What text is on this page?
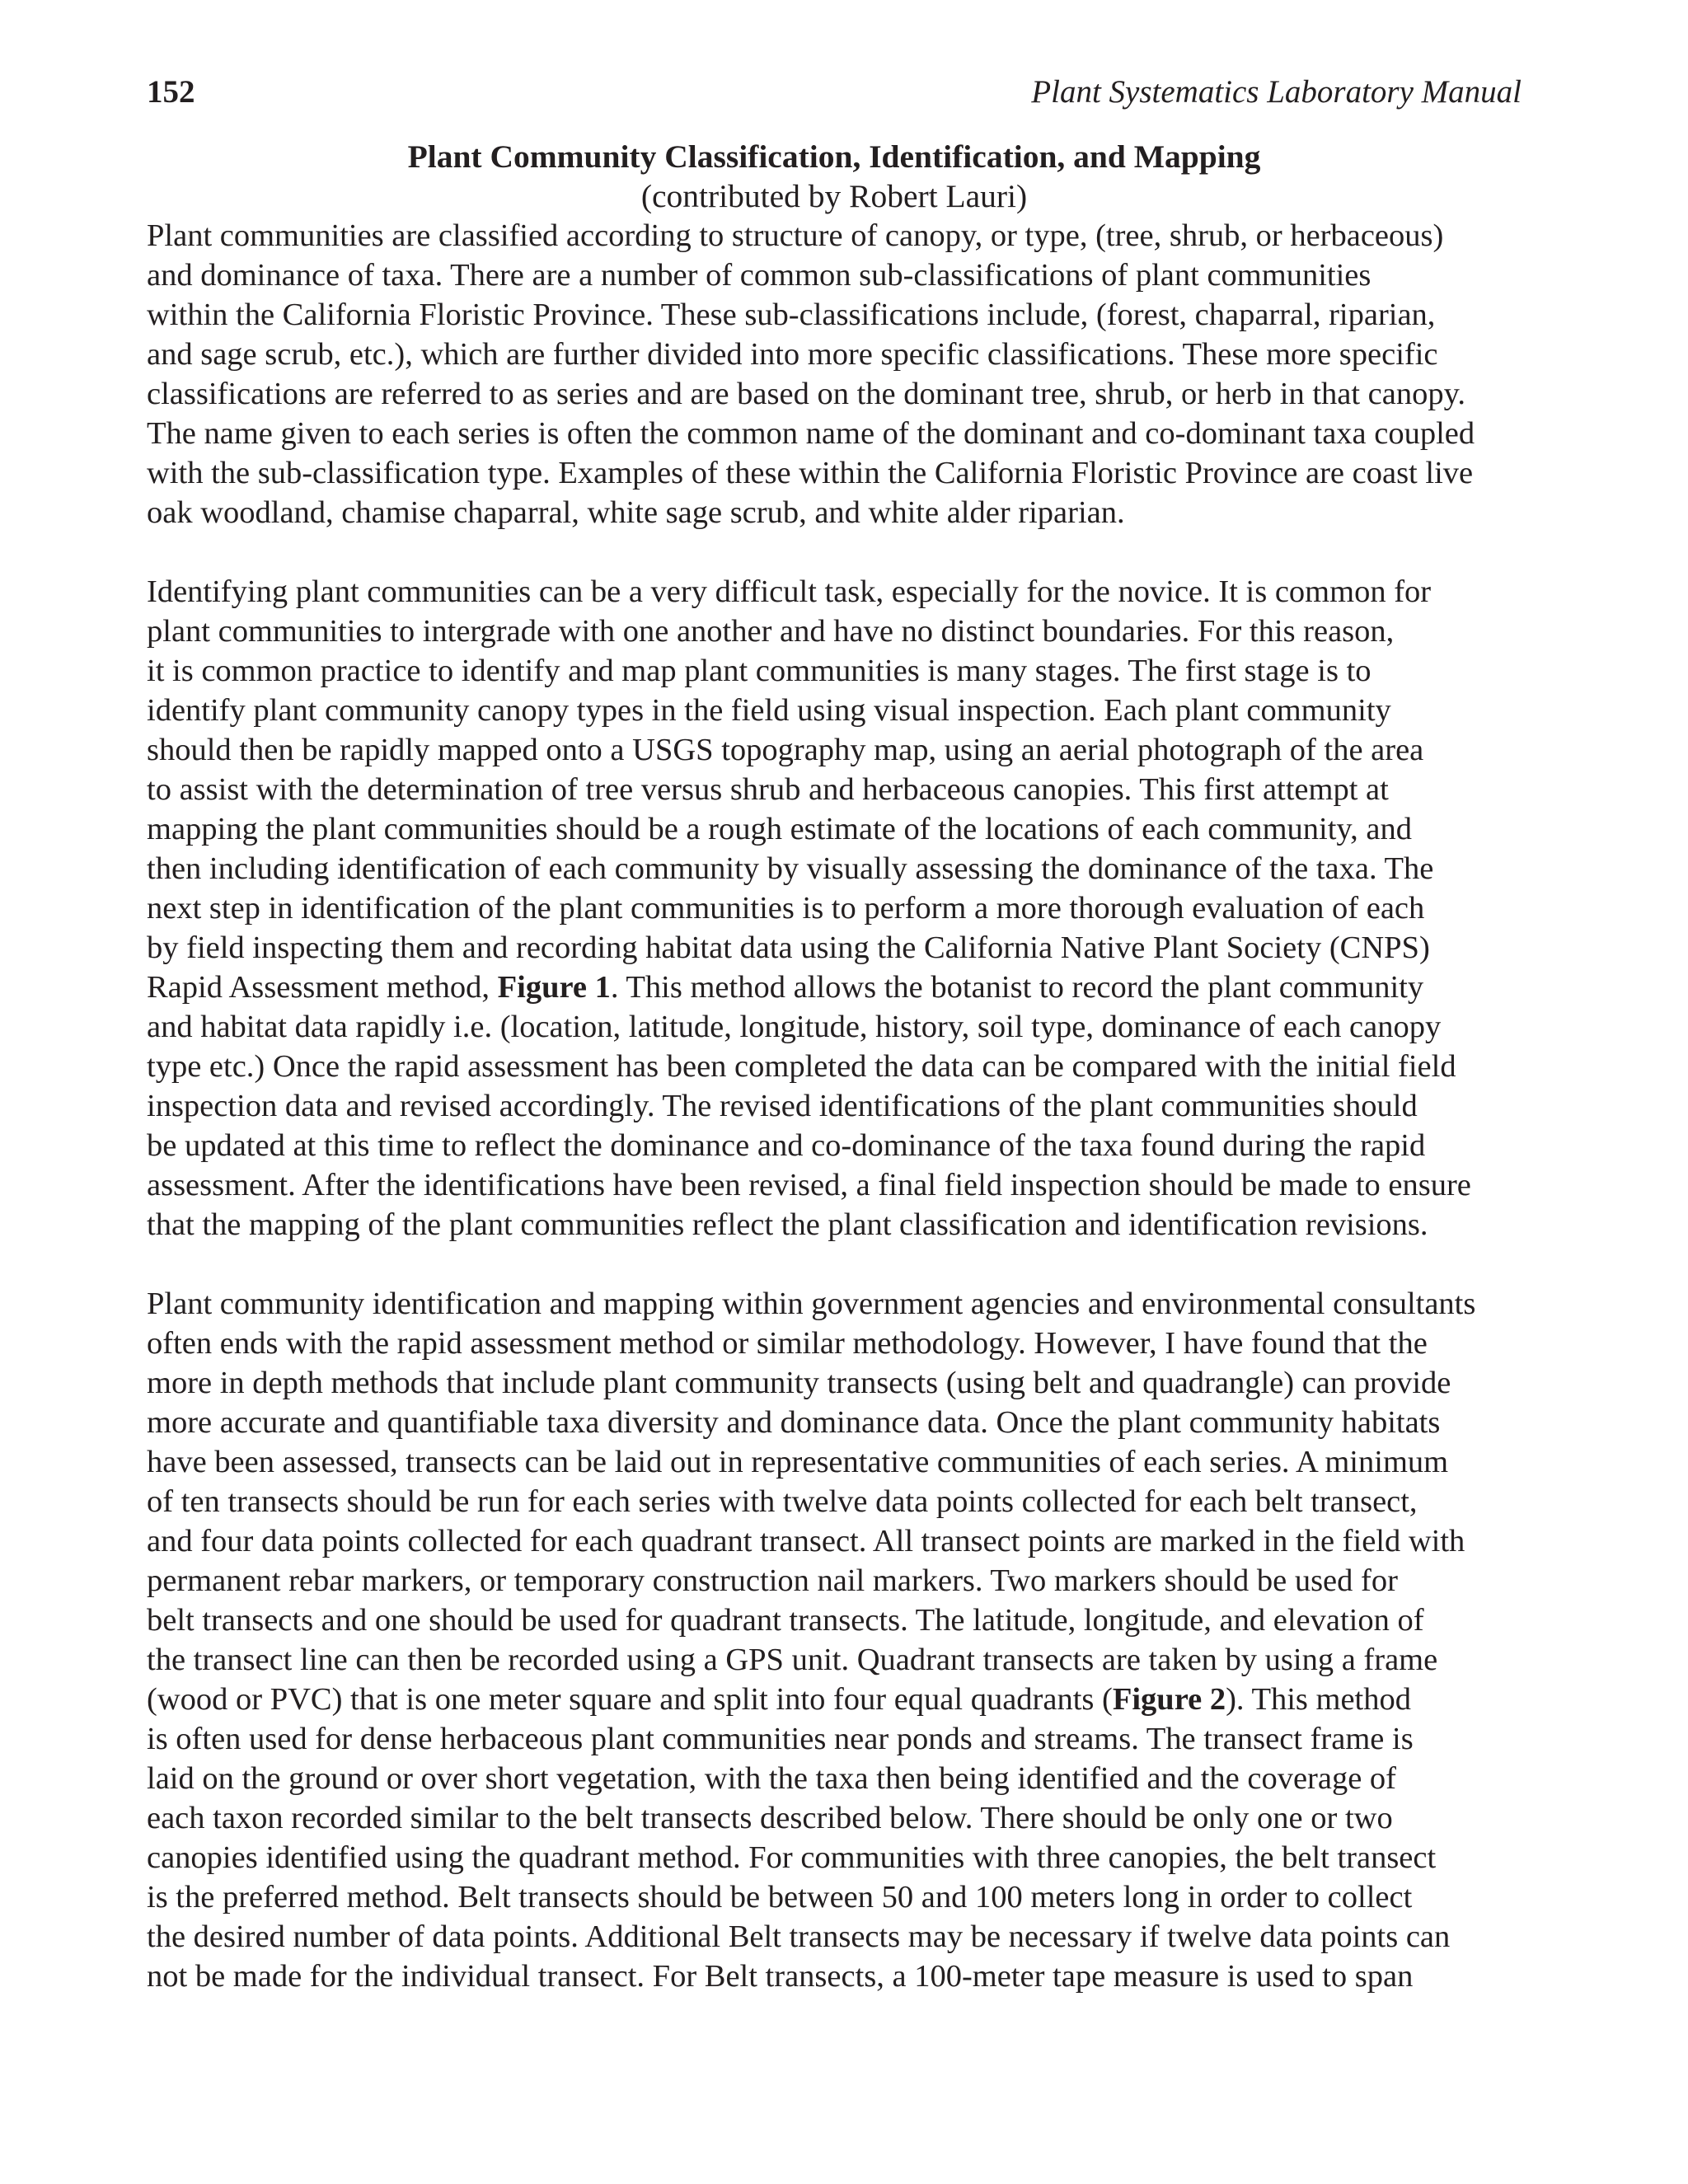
152	Plant Systematics Laboratory Manual
Plant Community Classification, Identification, and Mapping

(contributed by Robert Lauri)

Plant communities are classified according to structure of canopy, or type, (tree, shrub, or herbaceous)
and dominance of taxa. There are a number of common sub-classifications of plant communities
within the California Floristic Province. These sub-classifications include, (forest, chaparral, riparian,
and sage scrub, etc.), which are further divided into more specific classifications. These more specific
classifications are referred to as series and are based on the dominant tree, shrub, or herb in that canopy.
The name given to each series is often the common name of the dominant and co-dominant taxa coupled
with the sub-classification type. Examples of these within the California Floristic Province are coast live
oak woodland, chamise chaparral, white sage scrub, and white alder riparian.

Identifying plant communities can be a very difficult task, especially for the novice. It is common for
plant communities to intergrade with one another and have no distinct boundaries. For this reason,
it is common practice to identify and map plant communities is many stages. The first stage is to
identify plant community canopy types in the field using visual inspection. Each plant community
should then be rapidly mapped onto a USGS topography map, using an aerial photograph of the area
to assist with the determination of tree versus shrub and herbaceous canopies. This first attempt at
mapping the plant communities should be a rough estimate of the locations of each community, and
then including identification of each community by visually assessing the dominance of the taxa. The
next step in identification of the plant communities is to perform a more thorough evaluation of each
by field inspecting them and recording habitat data using the California Native Plant Society (CNPS)
Rapid Assessment method, Figure 1. This method allows the botanist to record the plant community
and habitat data rapidly i.e. (location, latitude, longitude, history, soil type, dominance of each canopy
type etc.) Once the rapid assessment has been completed the data can be compared with the initial field
inspection data and revised accordingly. The revised identifications of the plant communities should
be updated at this time to reflect the dominance and co-dominance of the taxa found during the rapid
assessment. After the identifications have been revised, a final field inspection should be made to ensure
that the mapping of the plant communities reflect the plant classification and identification revisions.

Plant community identification and mapping within government agencies and environmental consultants
often ends with the rapid assessment method or similar methodology. However, I have found that the
more in depth methods that include plant community transects (using belt and quadrangle) can provide
more accurate and quantifiable taxa diversity and dominance data. Once the plant community habitats
have been assessed, transects can be laid out in representative communities of each series. A minimum
of ten transects should be run for each series with twelve data points collected for each belt transect,
and four data points collected for each quadrant transect. All transect points are marked in the field with
permanent rebar markers, or temporary construction nail markers. Two markers should be used for
belt transects and one should be used for quadrant transects. The latitude, longitude, and elevation of
the transect line can then be recorded using a GPS unit. Quadrant transects are taken by using a frame
(wood or PVC) that is one meter square and split into four equal quadrants (Figure 2). This method
is often used for dense herbaceous plant communities near ponds and streams. The transect frame is
laid on the ground or over short vegetation, with the taxa then being identified and the coverage of
each taxon recorded similar to the belt transects described below. There should be only one or two
canopies identified using the quadrant method. For communities with three canopies, the belt transect
is the preferred method. Belt transects should be between 50 and 100 meters long in order to collect
the desired number of data points. Additional Belt transects may be necessary if twelve data points can
not be made for the individual transect. For Belt transects, a 100-meter tape measure is used to span
